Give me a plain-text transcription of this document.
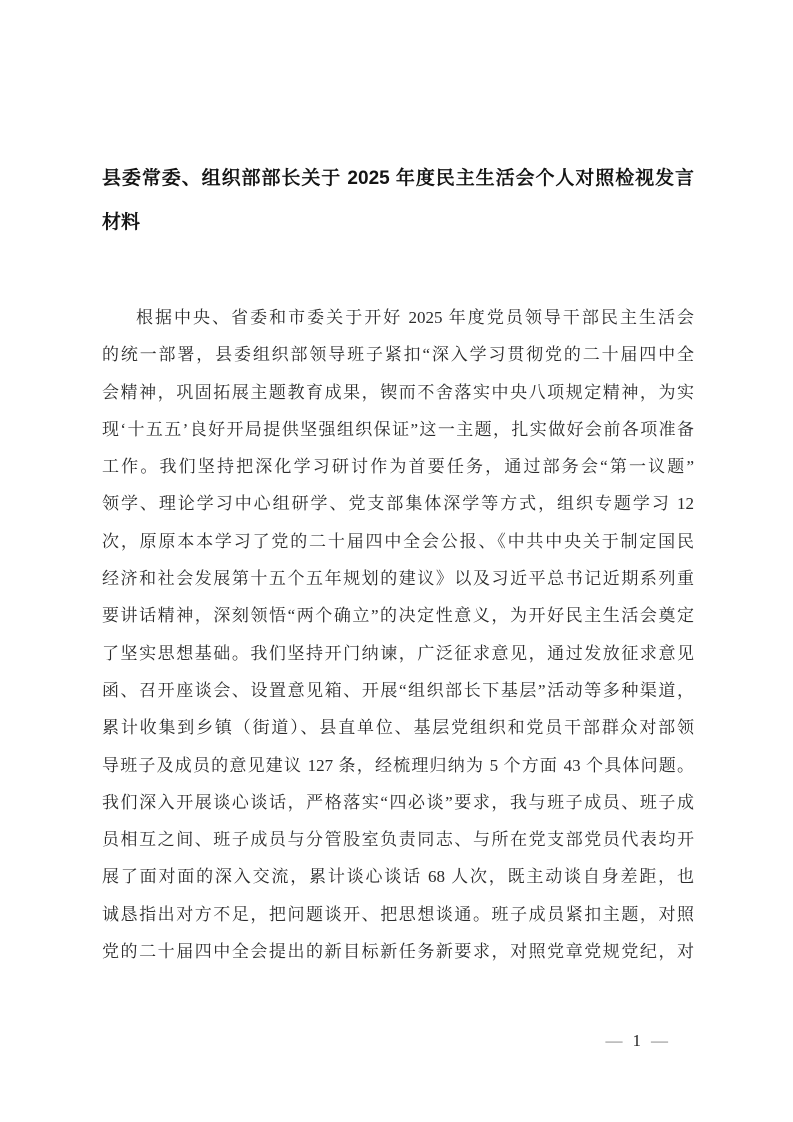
县委常委、组织部部长关于 2025 年度民主生活会个人对照检视发言
材料
根据中央、省委和市委关于开好 2025 年度党员领导干部民主生活会
的统一部署，县委组织部领导班子紧扣“深入学习贯彻党的二十届四中全
会精神，巩固拓展主题教育成果，锲而不舍落实中央八项规定精神，为实
现‘十五五’良好开局提供坚强组织保证”这一主题，扎实做好会前各项准备
工作。我们坚持把深化学习研讨作为首要任务，通过部务会“第一议题”
领学、理论学习中心组研学、党支部集体深学等方式，组织专题学习 12
次，原原本本学习了党的二十届四中全会公报、《中共中央关于制定国民
经济和社会发展第十五个五年规划的建议》以及习近平总书记近期系列重
要讲话精神，深刻领悟“两个确立”的决定性意义，为开好民主生活会奠定
了坚实思想基础。我们坚持开门纳谏，广泛征求意见，通过发放征求意见
函、召开座谈会、设置意见箱、开展“组织部长下基层”活动等多种渠道，
累计收集到乡镇（街道）、县直单位、基层党组织和党员干部群众对部领
导班子及成员的意见建议 127 条，经梳理归纳为 5 个方面 43 个具体问题。
我们深入开展谈心谈话，严格落实“四必谈”要求，我与班子成员、班子成
员相互之间、班子成员与分管股室负责同志、与所在党支部党员代表均开
展了面对面的深入交流，累计谈心谈话 68 人次，既主动谈自身差距，也
诚恳指出对方不足，把问题谈开、把思想谈通。班子成员紧扣主题，对照
党的二十届四中全会提出的新目标新任务新要求，对照党章党规党纪，对
— 1 —
